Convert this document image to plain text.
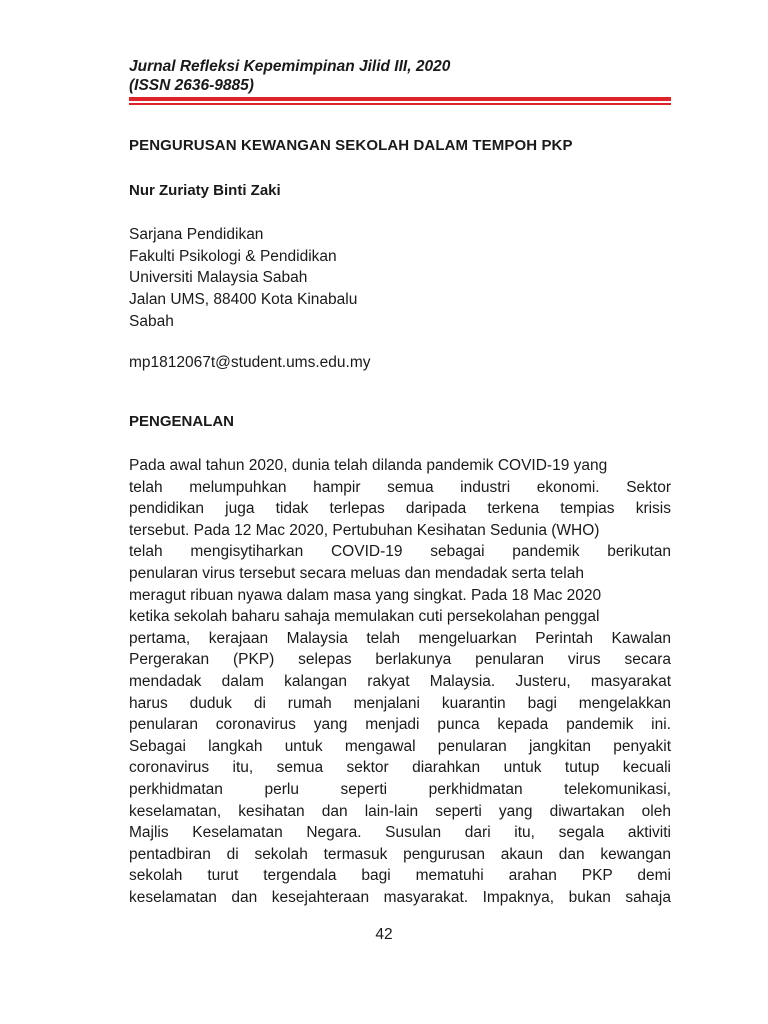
Jurnal Refleksi Kepemimpinan Jilid III, 2020
(ISSN 2636-9885)
PENGURUSAN KEWANGAN SEKOLAH DALAM TEMPOH PKP
Nur Zuriaty Binti Zaki
Sarjana Pendidikan
Fakulti Psikologi & Pendidikan
Universiti Malaysia Sabah
Jalan UMS, 88400 Kota Kinabalu
Sabah
mp1812067t@student.ums.edu.my
PENGENALAN
Pada awal tahun 2020, dunia telah dilanda pandemik COVID-19 yang
telah melumpuhkan hampir semua industri ekonomi. Sektor
pendidikan juga tidak terlepas daripada terkena tempias krisis
tersebut. Pada 12 Mac 2020, Pertubuhan Kesihatan Sedunia (WHO)
telah mengisytiharkan COVID-19 sebagai pandemik berikutan
penularan virus tersebut secara meluas dan mendadak serta telah
meragut ribuan nyawa dalam masa yang singkat. Pada 18 Mac 2020
ketika sekolah baharu sahaja memulakan cuti persekolahan penggal
pertama, kerajaan Malaysia telah mengeluarkan Perintah Kawalan
Pergerakan (PKP) selepas berlakunya penularan virus secara
mendadak dalam kalangan rakyat Malaysia. Justeru, masyarakat
harus duduk di rumah menjalani kuarantin bagi mengelakkan
penularan coronavirus yang menjadi punca kepada pandemik ini.
Sebagai langkah untuk mengawal penularan jangkitan penyakit
coronavirus itu, semua sektor diarahkan untuk tutup kecuali
perkhidmatan perlu seperti perkhidmatan telekomunikasi,
keselamatan, kesihatan dan lain-lain seperti yang diwartakan oleh
Majlis Keselamatan Negara. Susulan dari itu, segala aktiviti
pentadbiran di sekolah termasuk pengurusan akaun dan kewangan
sekolah turut tergendala bagi mematuhi arahan PKP demi
keselamatan dan kesejahteraan masyarakat. Impaknya, bukan sahaja
42
